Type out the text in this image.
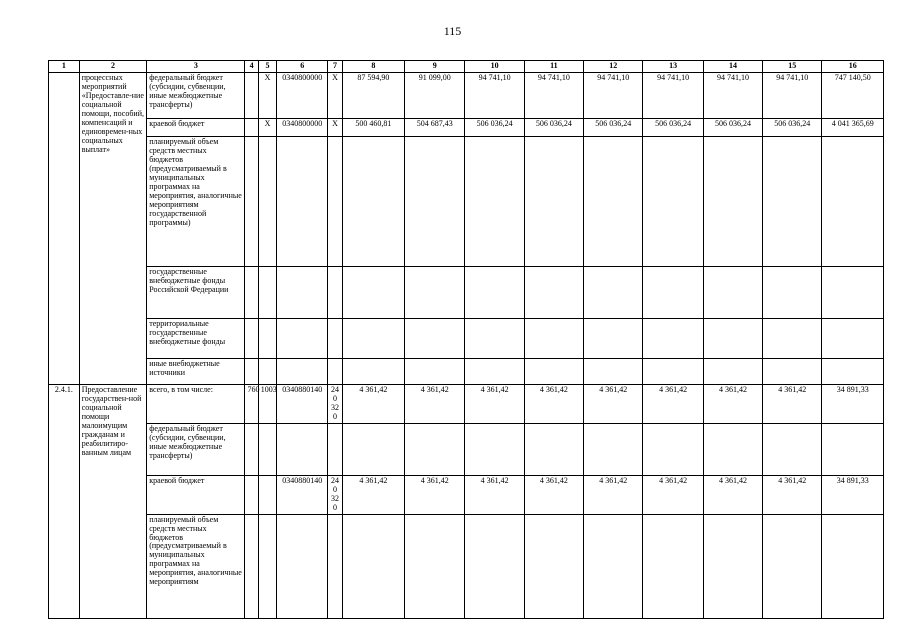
115
1	2	3	4	5	6	7	8	9	10	11	12	13	14	15	16
	процессных мероприятий «Предоставле-ние социальной помощи, пособий, компенсаций и единовремен-ных социальных выплат»	федеральный бюджет (субсидии, субвенции, иные межбюджетные трансферты)		X	0340800000	X	87 594,90	91 099,00	94 741,10	94 741,10	94 741,10	94 741,10	94 741,10	94 741,10	747 140,50
		краевой бюджет		X	0340800000	X	500 460,81	504 687,43	506 036,24	506 036,24	506 036,24	506 036,24	506 036,24	506 036,24	4 041 365,69
		планируемый объем средств местных бюджетов (предусматриваемый в муниципальных программах на мероприятия, аналогичные мероприятиям государственной программы)													
		государственные внебюджетные фонды Российской Федерации													
		территориальные государственные внебюджетные фонды													
		иные внебюджетные источники													
2.4.1.	Предоставление государствен-ной социальной помощи малоимущим гражданам и реабилитиро-ванным лицам	всего, в том числе:	760	1003	0340880140	240 320	4 361,42	4 361,42	4 361,42	4 361,42	4 361,42	4 361,42	4 361,42	4 361,42	34 891,33
		федеральный бюджет (субсидии, субвенции, иные межбюджетные трансферты)													
		краевой бюджет			0340880140	240 320	4 361,42	4 361,42	4 361,42	4 361,42	4 361,42	4 361,42	4 361,42	4 361,42	34 891,33
		планируемый объем средств местных бюджетов (предусматриваемый в муниципальных программах на мероприятия, аналогичные мероприятиям													
